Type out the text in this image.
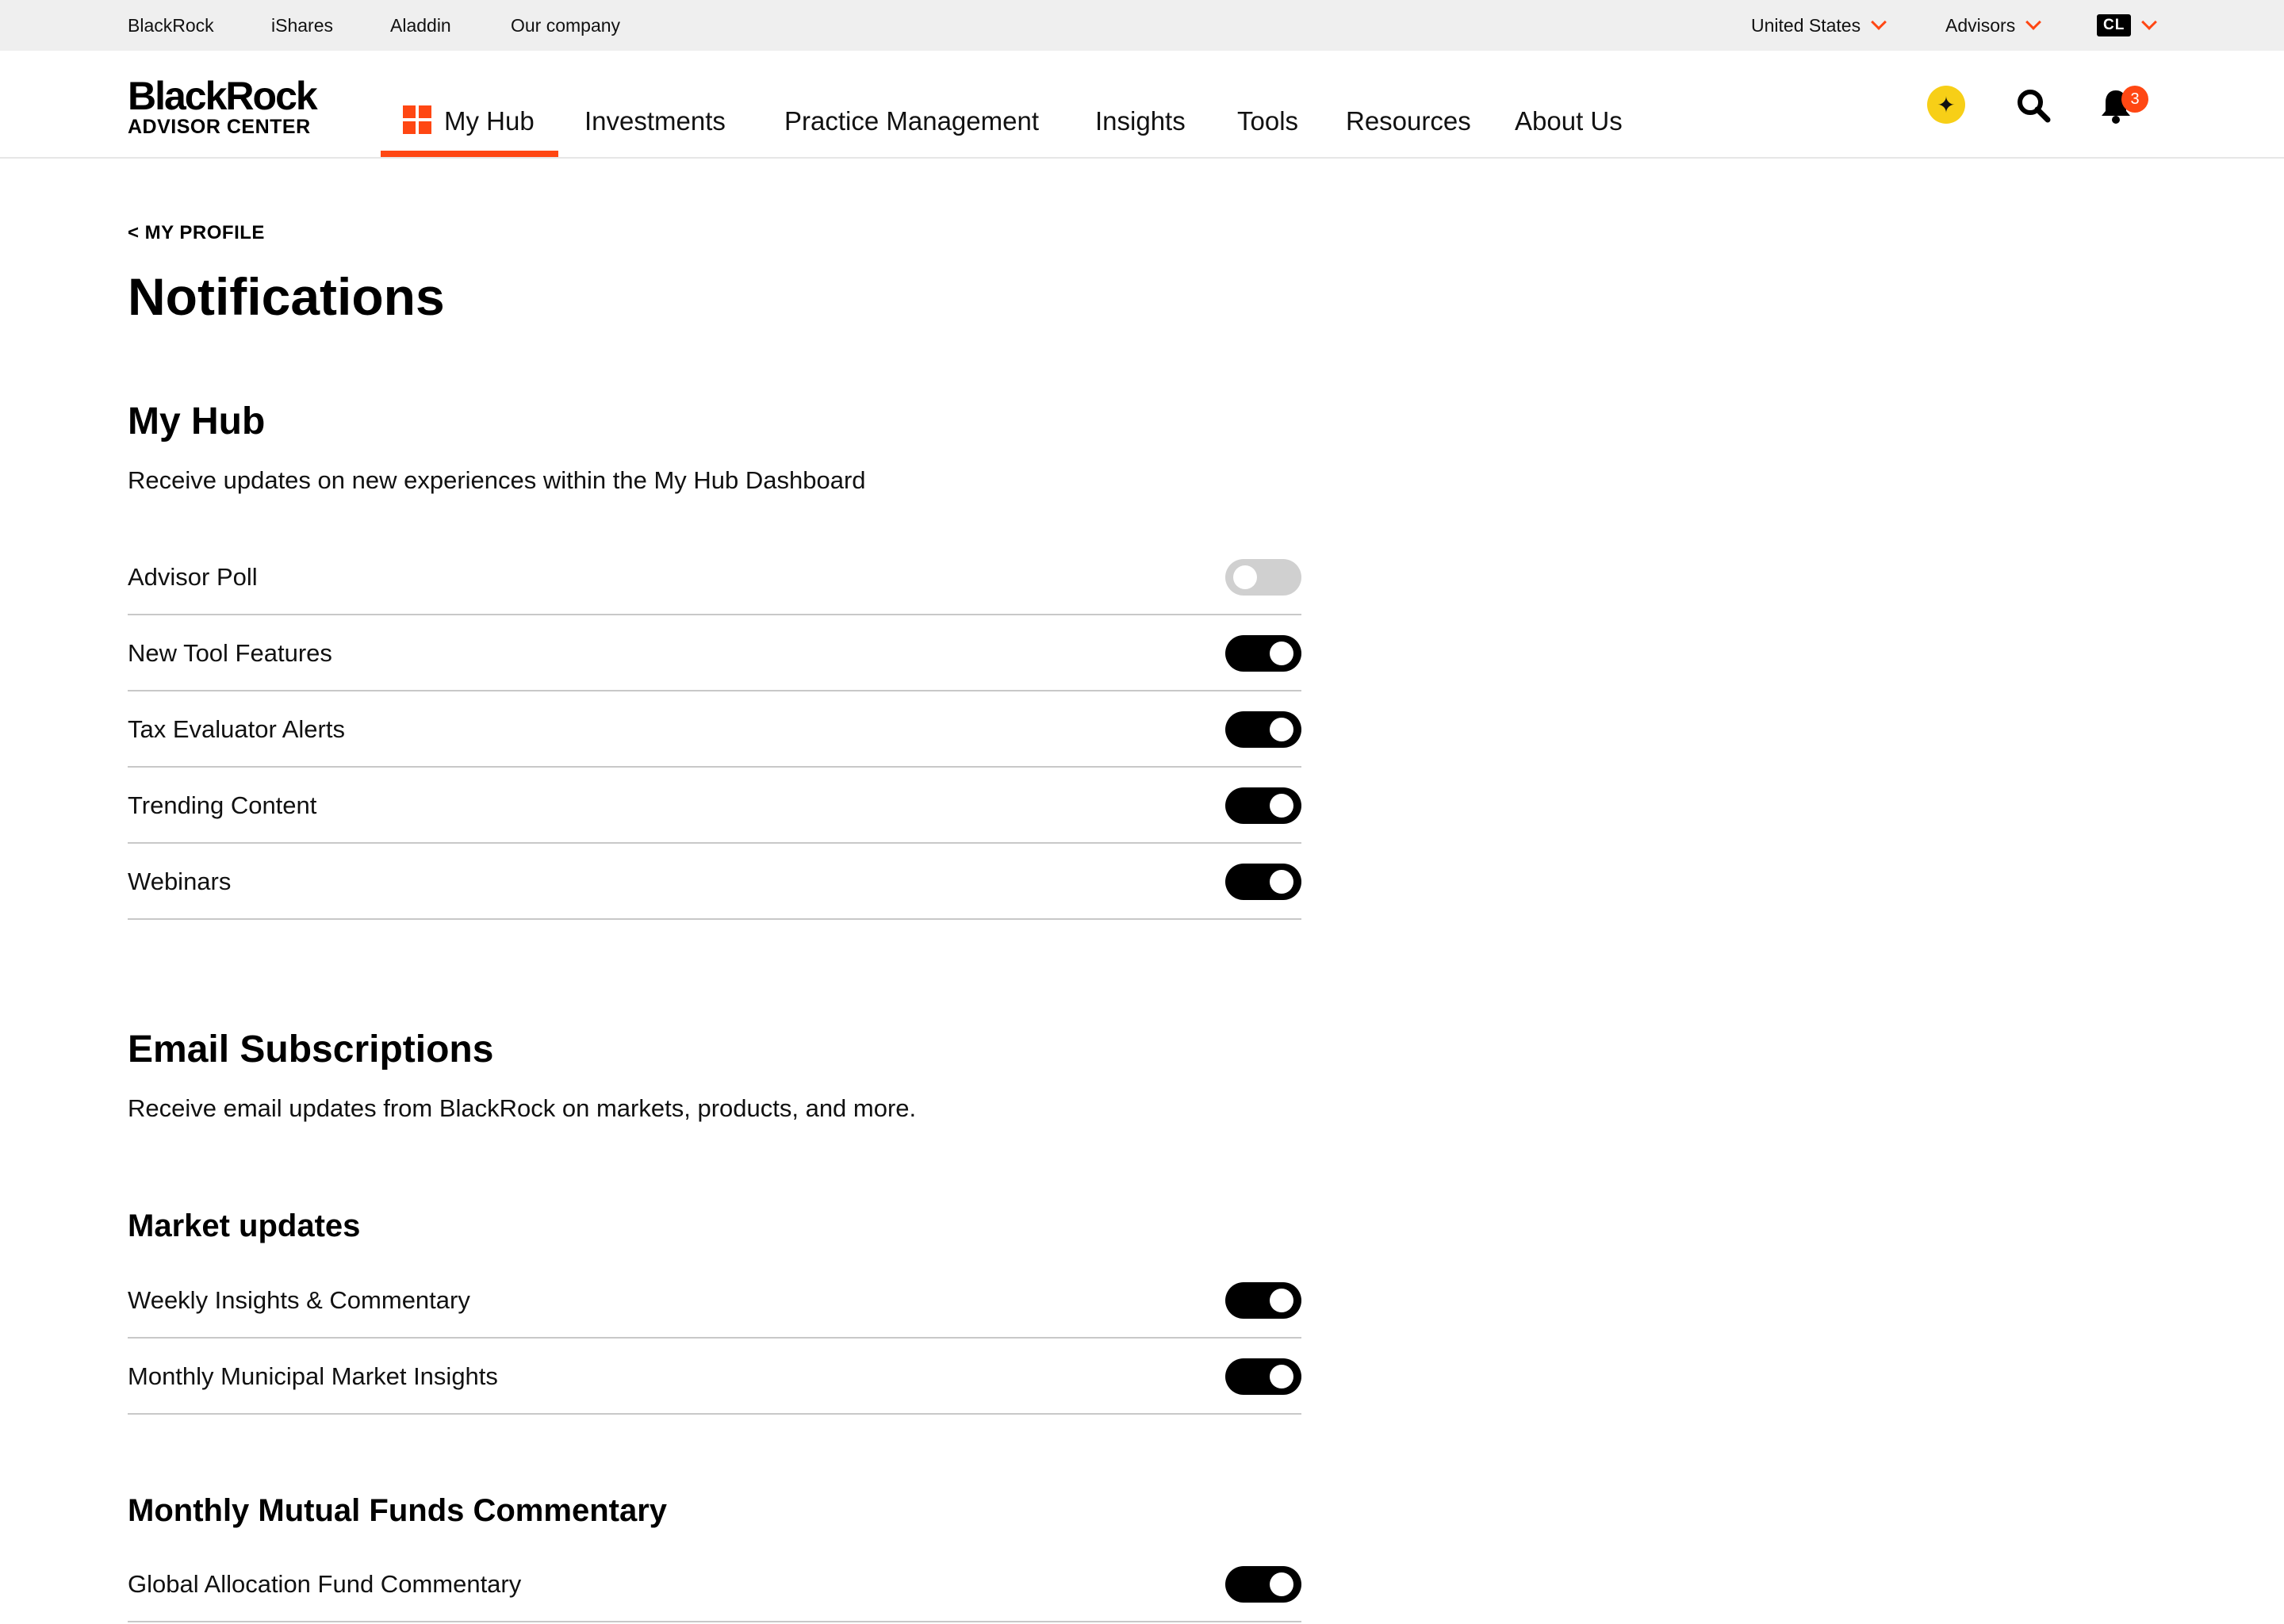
BlackRock	iShares	Aladdin	Our company	United States	Advisors	CL
BlackRock
ADVISOR CENTER	My Hub Investments Practice Management Insights Tools Resources About Us
✦	3
< MY PROFILE
Notifications
My Hub

Receive updates on new experiences within the My Hub Dashboard

Advisor Poll
New Tool Features
Tax Evaluator Alerts
Trending Content
Webinars
Email Subscriptions

Receive email updates from BlackRock on markets, products, and more.

Market updates
Weekly Insights & Commentary
Monthly Municipal Market Insights
Monthly Mutual Funds Commentary
Global Allocation Fund Commentary
